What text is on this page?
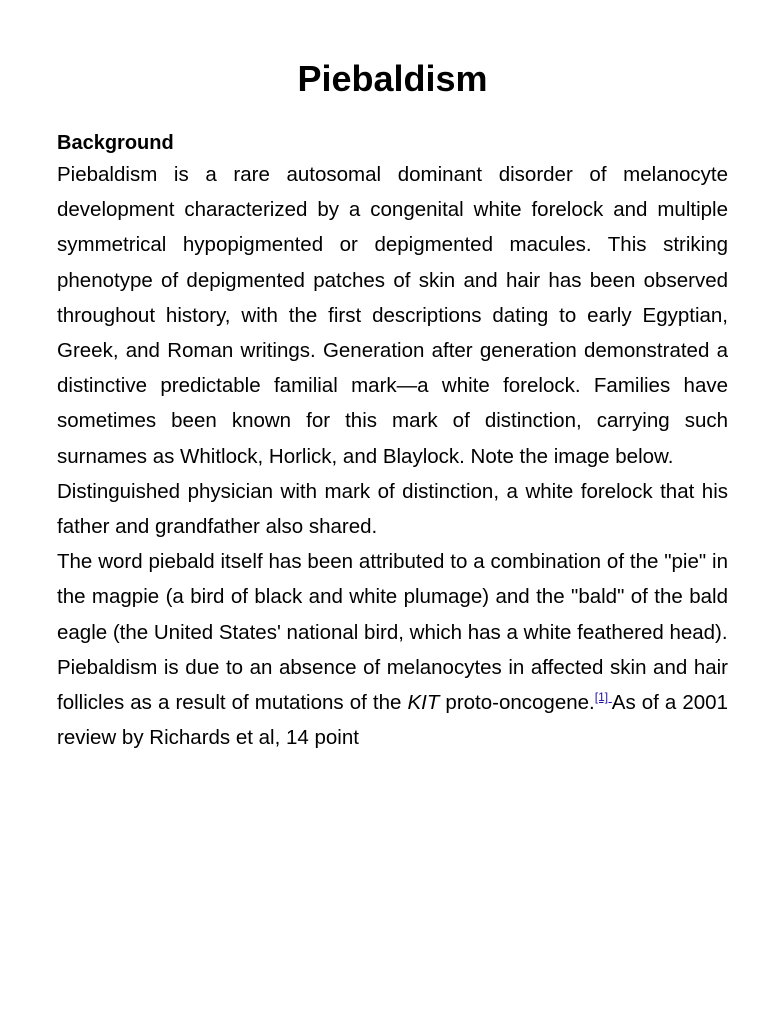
Piebaldism
Background

Piebaldism is a rare autosomal dominant disorder of melanocyte development characterized by a congenital white forelock and multiple symmetrical hypopigmented or depigmented macules. This striking phenotype of depigmented patches of skin and hair has been observed throughout history, with the first descriptions dating to early Egyptian, Greek, and Roman writings. Generation after generation demonstrated a distinctive predictable familial mark—a white forelock. Families have sometimes been known for this mark of distinction, carrying such surnames as Whitlock, Horlick, and Blaylock. Note the image below.

Distinguished physician with mark of distinction, a white forelock that his father and grandfather also shared.

The word piebald itself has been attributed to a combination of the "pie" in the magpie (a bird of black and white plumage) and the "bald" of the bald eagle (the United States' national bird, which has a white feathered head).

Piebaldism is due to an absence of melanocytes in affected skin and hair follicles as a result of mutations of the KIT proto-oncogene.[1] As of a 2001 review by Richards et al, 14 point
